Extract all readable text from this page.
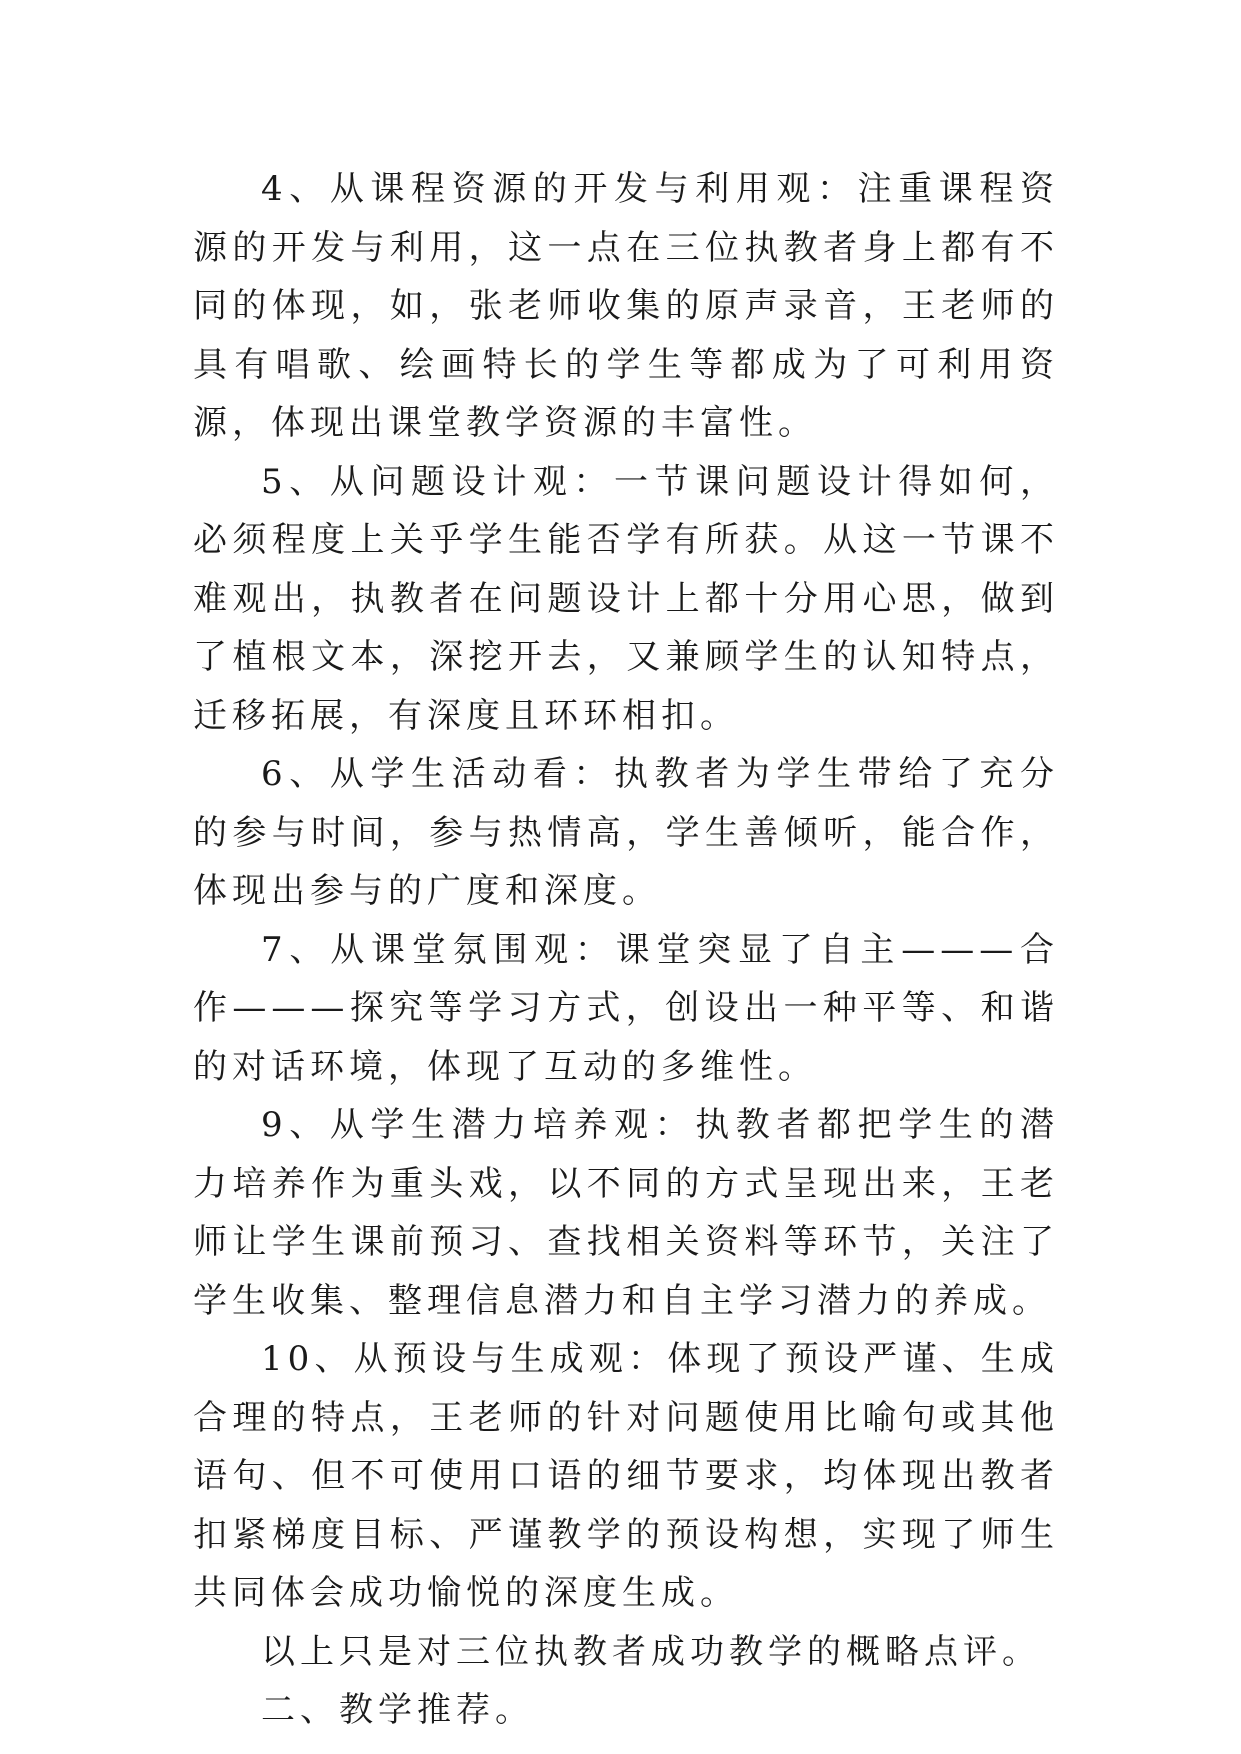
4、从课程资源的开发与利用观：注重课程资源的开发与利用，这一点在三位执教者身上都有不同的体现，如，张老师收集的原声录音，王老师的具有唱歌、绘画特长的学生等都成为了可利用资源，体现出课堂教学资源的丰富性。

5、从问题设计观：一节课问题设计得如何，必须程度上关乎学生能否学有所获。从这一节课不难观出，执教者在问题设计上都十分用心思，做到了植根文本，深挖开去，又兼顾学生的认知特点，迁移拓展，有深度且环环相扣。

6、从学生活动看：执教者为学生带给了充分的参与时间，参与热情高，学生善倾听，能合作，体现出参与的广度和深度。

7、从课堂氛围观：课堂突显了自主———合作———探究等学习方式，创设出一种平等、和谐的对话环境，体现了互动的多维性。

9、从学生潜力培养观：执教者都把学生的潜力培养作为重头戏，以不同的方式呈现出来，王老师让学生课前预习、查找相关资料等环节，关注了学生收集、整理信息潜力和自主学习潜力的养成。

10、从预设与生成观：体现了预设严谨、生成合理的特点，王老师的针对问题使用比喻句或其他语句、但不可使用口语的细节要求，均体现出教者扣紧梯度目标、严谨教学的预设构想，实现了师生共同体会成功愉悦的深度生成。

以上只是对三位执教者成功教学的概略点评。

二、教学推荐。
